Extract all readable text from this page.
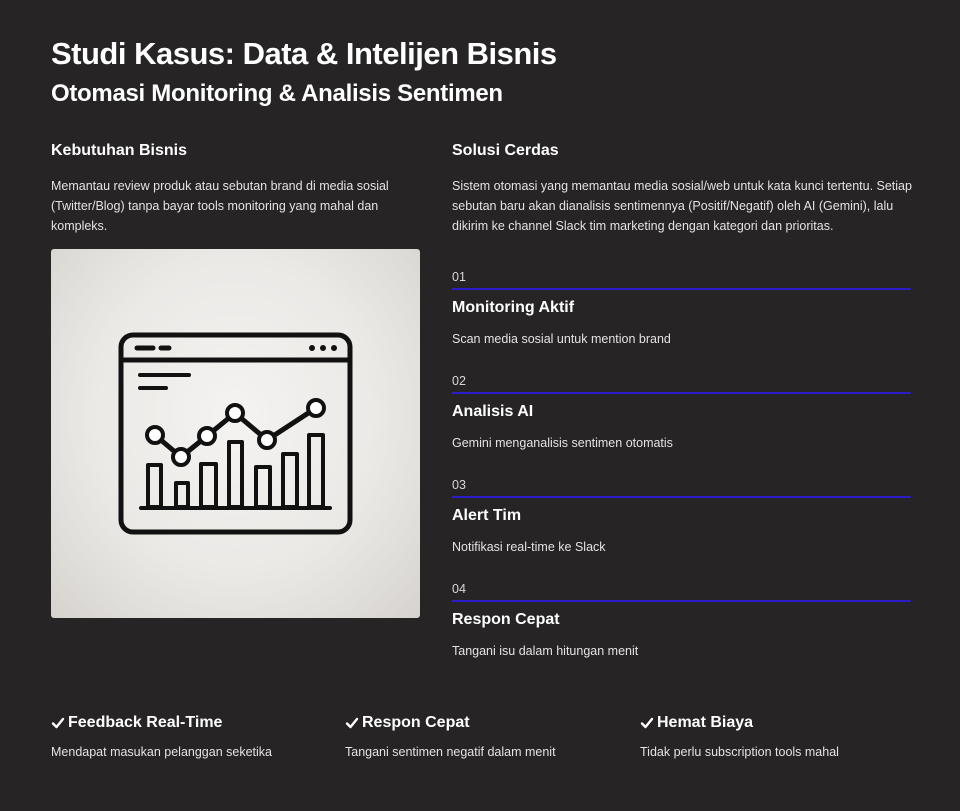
Studi Kasus: Data & Intelijen Bisnis
Otomasi Monitoring & Analisis Sentimen
Kebutuhan Bisnis

Memantau review produk atau sebutan brand di media sosial (Twitter/Blog) tanpa bayar tools monitoring yang mahal dan kompleks.

Solusi Cerdas

Sistem otomasi yang memantau media sosial/web untuk kata kunci tertentu. Setiap sebutan baru akan dianalisis sentimennya (Positif/Negatif) oleh AI (Gemini), lalu dikirim ke channel Slack tim marketing dengan kategori dan prioritas.

01
Monitoring Aktif
Scan media sosial untuk mention brand
02
Analisis AI
Gemini menganalisis sentimen otomatis
03
Alert Tim
Notifikasi real-time ke Slack
04
Respon Cepat
Tangani isu dalam hitungan menit
Feedback Real-Time
Mendapat masukan pelanggan seketika
Respon Cepat
Tangani sentimen negatif dalam menit
Hemat Biaya
Tidak perlu subscription tools mahal
